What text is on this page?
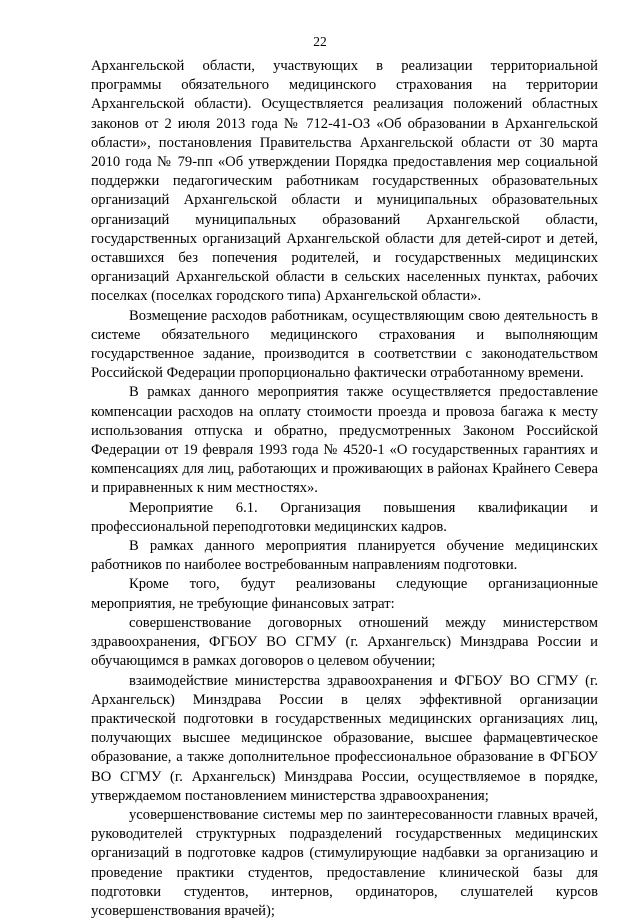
22

Архангельской области, участвующих в реализации территориальной программы обязательного медицинского страхования на территории Архангельской области). Осуществляется реализация положений областных законов от 2 июля 2013 года № 712-41-ОЗ «Об образовании в Архангельской области», постановления Правительства Архангельской области от 30 марта 2010 года № 79-пп «Об утверждении Порядка предоставления мер социальной поддержки педагогическим работникам государственных образовательных организаций Архангельской области и муниципальных образовательных организаций муниципальных образований Архангельской области, государственных организаций Архангельской области для детей-сирот и детей, оставшихся без попечения родителей, и государственных медицинских организаций Архангельской области в сельских населенных пунктах, рабочих поселках (поселках городского типа) Архангельской области».

Возмещение расходов работникам, осуществляющим свою деятельность в системе обязательного медицинского страхования и выполняющим государственное задание, производится в соответствии с законодательством Российской Федерации пропорционально фактически отработанному времени.

В рамках данного мероприятия также осуществляется предоставление компенсации расходов на оплату стоимости проезда и провоза багажа к месту использования отпуска и обратно, предусмотренных Законом Российской Федерации от 19 февраля 1993 года № 4520-1 «О государственных гарантиях и компенсациях для лиц, работающих и проживающих в районах Крайнего Севера и приравненных к ним местностях».

Мероприятие 6.1. Организация повышения квалификации и профессиональной переподготовки медицинских кадров.

В рамках данного мероприятия планируется обучение медицинских работников по наиболее востребованным направлениям подготовки.

Кроме того, будут реализованы следующие организационные мероприятия, не требующие финансовых затрат:

совершенствование договорных отношений между министерством здравоохранения, ФГБОУ ВО СГМУ (г. Архангельск) Минздрава России и обучающимся в рамках договоров о целевом обучении;

взаимодействие министерства здравоохранения и ФГБОУ ВО СГМУ (г. Архангельск) Минздрава России в целях эффективной организации практической подготовки в государственных медицинских организациях лиц, получающих высшее медицинское образование, высшее фармацевтическое образование, а также дополнительное профессиональное образование в ФГБОУ ВО СГМУ (г. Архангельск) Минздрава России, осуществляемое в порядке, утверждаемом постановлением министерства здравоохранения;

усовершенствование системы мер по заинтересованности главных врачей, руководителей структурных подразделений государственных медицинских организаций в подготовке кадров (стимулирующие надбавки за организацию и проведение практики студентов, предоставление клинической базы для подготовки студентов, интернов, ординаторов, слушателей курсов усовершенствования врачей);
